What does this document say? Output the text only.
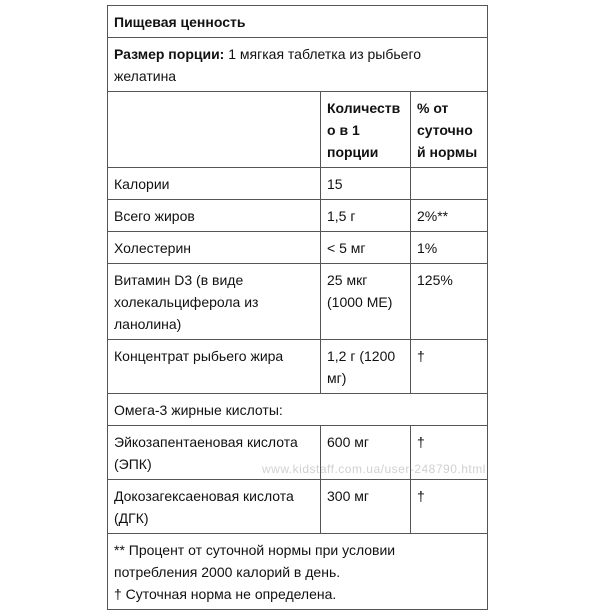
Пищевая ценность		
Размер порции: 1 мягкая таблетка из рыбьего желатина		
	Количество в 1 порции	% от суточной нормы
Калории	15	
Всего жиров	1,5 г	2%**
Холестерин	< 5 мг	1%
Витамин D3 (в виде холекальциферола из ланолина)	25 мкг (1000 МЕ)	125%
Концентрат рыбьего жира	1,2 г (1200 мг)	†
Омега-3 жирные кислоты:		
Эйкозапентаеновая кислота (ЭПК)	600 мг	†
Докозагексаеновая кислота (ДГК)	300 мг	†

** Процент от суточной нормы при условии потребления 2000 калорий в день.
† Суточная норма не определена.		
www.kidstaff.com.ua/user-248790.html
